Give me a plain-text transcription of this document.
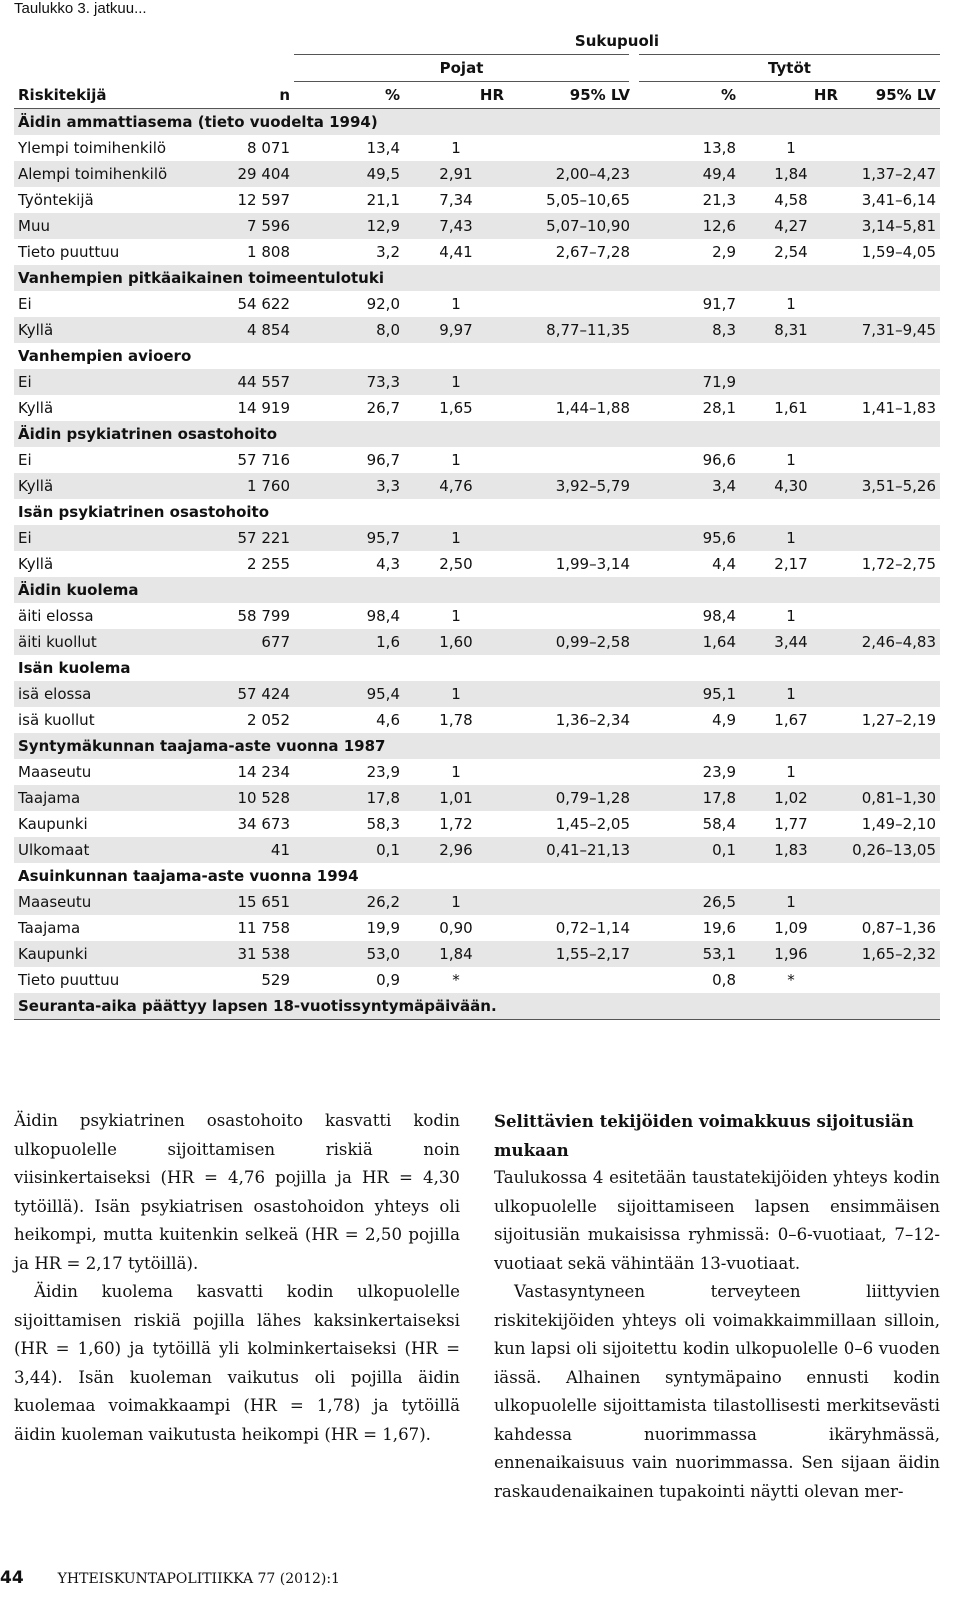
Taulukko 3. jatkuu...
		Sukupuoli					
		Pojat			Tytöt		
Riskitekijä	n	%	HR	95% LV	%	HR	95% LV
Äidin ammattiasema (tieto vuodelta 1994)							
Ylempi toimihenkilö	8 071	13,4	1		13,8	1	
Alempi toimihenkilö	29 404	49,5	2,91	2,00–4,23	49,4	1,84	1,37–2,47
Työntekijä	12 597	21,1	7,34	5,05–10,65	21,3	4,58	3,41–6,14
Muu	7 596	12,9	7,43	5,07–10,90	12,6	4,27	3,14–5,81
Tieto puuttuu	1 808	3,2	4,41	2,67–7,28	2,9	2,54	1,59–4,05
Vanhempien pitkäaikainen toimeentulotuki							
Ei	54 622	92,0	1		91,7	1	
Kyllä	4 854	8,0	9,97	8,77–11,35	8,3	8,31	7,31–9,45
Vanhempien avioero							
Ei	44 557	73,3	1		71,9		
Kyllä	14 919	26,7	1,65	1,44–1,88	28,1	1,61	1,41–1,83
Äidin psykiatrinen osastohoito							
Ei	57 716	96,7	1		96,6	1	
Kyllä	1 760	3,3	4,76	3,92–5,79	3,4	4,30	3,51–5,26
Isän psykiatrinen osastohoito							
Ei	57 221	95,7	1		95,6	1	
Kyllä	2 255	4,3	2,50	1,99–3,14	4,4	2,17	1,72–2,75
Äidin kuolema							
äiti elossa	58 799	98,4	1		98,4	1	
äiti kuollut	677	1,6	1,60	0,99–2,58	1,64	3,44	2,46–4,83
Isän kuolema							
isä elossa	57 424	95,4	1		95,1	1	
isä kuollut	2 052	4,6	1,78	1,36–2,34	4,9	1,67	1,27–2,19
Syntymäkunnan taajama-aste vuonna 1987							
Maaseutu	14 234	23,9	1		23,9	1	
Taajama	10 528	17,8	1,01	0,79–1,28	17,8	1,02	0,81–1,30
Kaupunki	34 673	58,3	1,72	1,45–2,05	58,4	1,77	1,49–2,10
Ulkomaat	41	0,1	2,96	0,41–21,13	0,1	1,83	0,26–13,05
Asuinkunnan taajama-aste vuonna 1994							
Maaseutu	15 651	26,2	1		26,5	1	
Taajama	11 758	19,9	0,90	0,72–1,14	19,6	1,09	0,87–1,36
Kaupunki	31 538	53,0	1,84	1,55–2,17	53,1	1,96	1,65–2,32
Tieto puuttuu	529	0,9	*		0,8	*	
Seuranta-aika päättyy lapsen 18-vuotissyntymäpäivään.							

Äidin psykiatrinen osastohoito kasvatti kodin ulkopuolelle sijoittamisen riskiä noin viisinkertaiseksi (HR = 4,76 pojilla ja HR = 4,30 tytöillä). Isän psykiatrisen osastohoidon yhteys oli heikompi, mutta kuitenkin selkeä (HR = 2,50 pojilla ja HR = 2,17 tytöillä).

Äidin kuolema kasvatti kodin ulkopuolelle sijoittamisen riskiä pojilla lähes kaksinkertaiseksi (HR = 1,60) ja tytöillä yli kolminkertaiseksi (HR = 3,44). Isän kuoleman vaikutus oli pojilla äidin kuolemaa voimakkaampi (HR = 1,78) ja tytöillä äidin kuoleman vaikutusta heikompi (HR = 1,67).

Selittävien tekijöiden voimakkuus sijoitusiän mukaan

Taulukossa 4 esitetään taustatekijöiden yhteys kodin ulkopuolelle sijoittamiseen lapsen ensimmäisen sijoitusiän mukaisissa ryhmissä: 0–6-vuotiaat, 7–12-vuotiaat sekä vähintään 13-vuotiaat.

Vastasyntyneen terveyteen liittyvien riskitekijöiden yhteys oli voimakkaimmillaan silloin, kun lapsi oli sijoitettu kodin ulkopuolelle 0–6 vuoden iässä. Alhainen syntymäpaino ennusti kodin ulkopuolelle sijoittamista tilastollisesti merkitsevästi kahdessa nuorimmassa ikäryhmässä, ennenaikaisuus vain nuorimmassa. Sen sijaan äidin raskaudenaikainen tupakointi näytti olevan mer-

44 YHTEISKUNTAPOLITIIKKA 77 (2012):1
